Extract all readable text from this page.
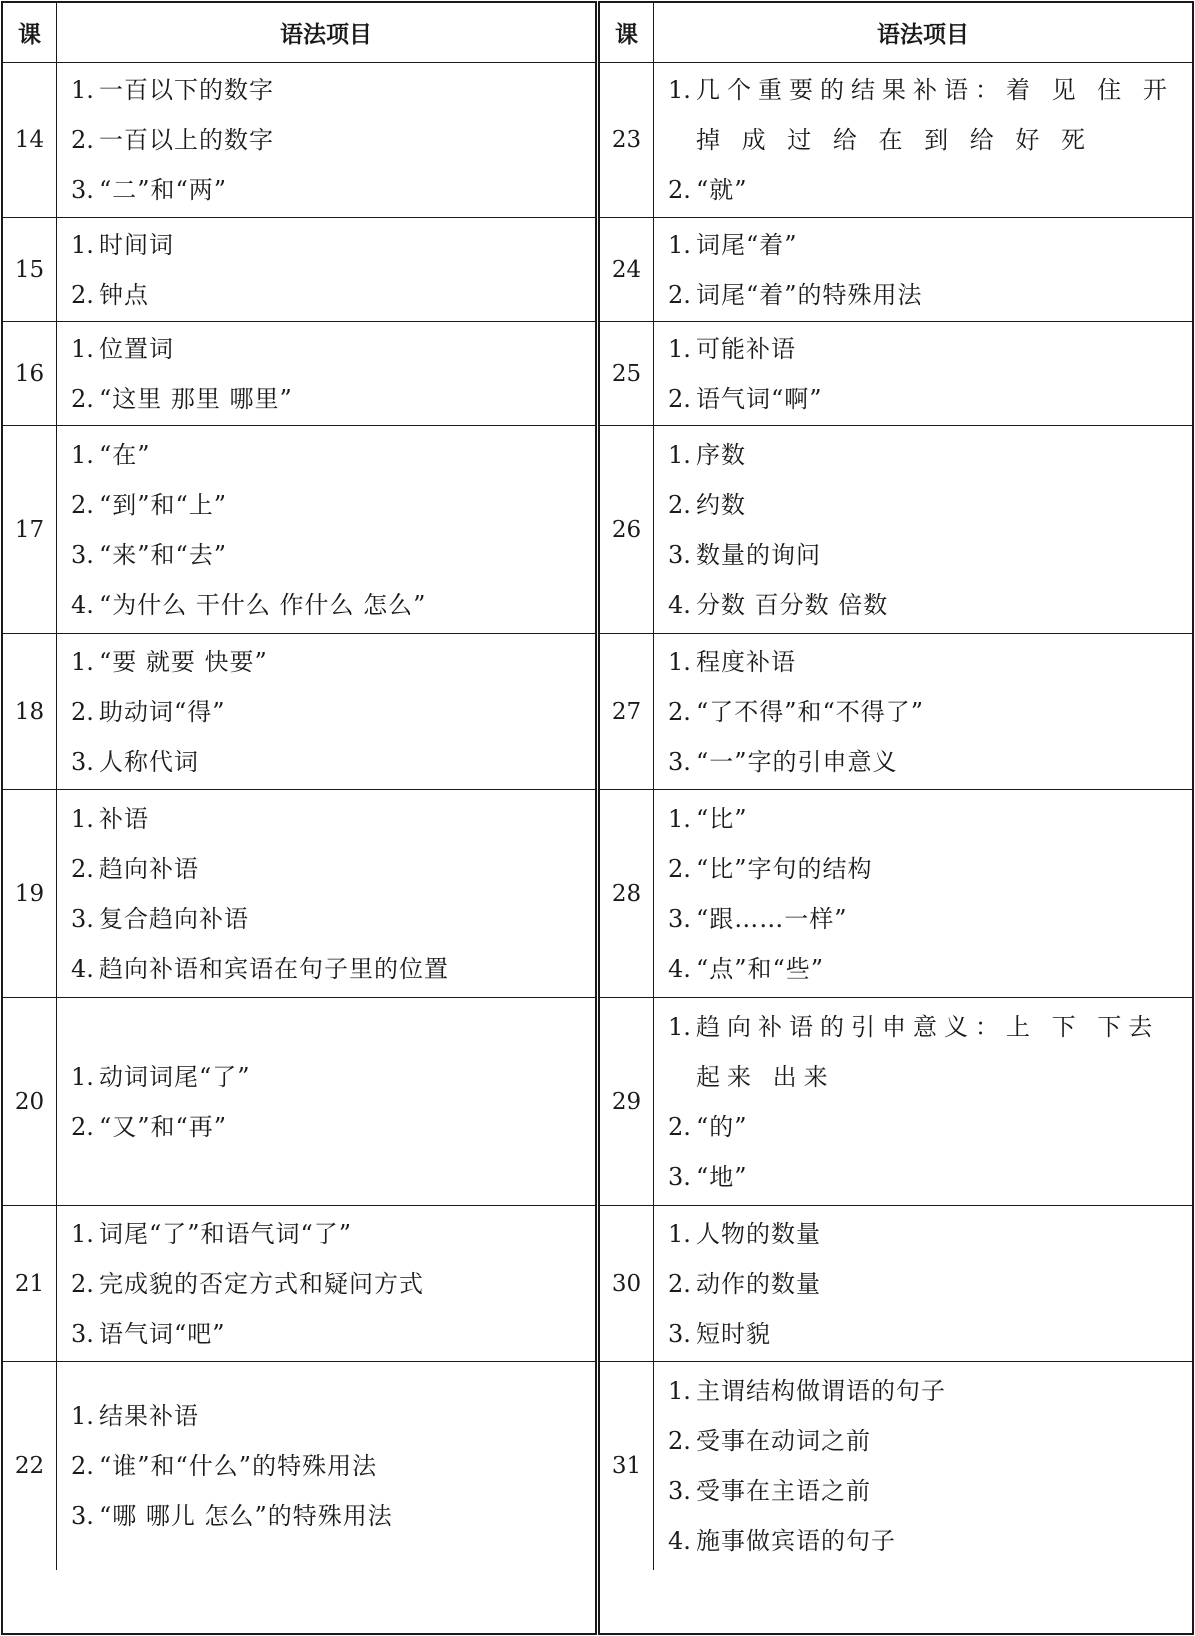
课	语法项目
14
1. 一百以下的数字
2. 一百以上的数字
3. “二”和“两”
15
1. 时间词
2. 钟点
16
1. 位置词
2. “这里 那里 哪里”
17
1. “在”
2. “到”和“上”
3. “来”和“去”
4. “为什么 干什么 作什么 怎么”
18
1. “要 就要 快要”
2. 助动词“得”
3. 人称代词
19
1. 补语
2. 趋向补语
3. 复合趋向补语
4. 趋向补语和宾语在句子里的位置
20
1. 动词词尾“了”
2. “又”和“再”
21
1. 词尾“了”和语气词“了”
2. 完成貌的否定方式和疑问方式
3. 语气词“吧”
22
1. 结果补语
2. “谁”和“什么”的特殊用法
3. “哪 哪儿 怎么”的特殊用法
课	语法项目
23
1. 几个重要的结果补语：着 见 住 开 掉 成 过 给 在 到 给 好 死
2. “就”
24
1. 词尾“着”
2. 词尾“着”的特殊用法
25
1. 可能补语
2. 语气词“啊”
26
1. 序数
2. 约数
3. 数量的询问
4. 分数 百分数 倍数
27
1. 程度补语
2. “了不得”和“不得了”
3. “一”字的引申意义
28
1. “比”
2. “比”字句的结构
3. “跟……一样”
4. “点”和“些”
29
1. 趋向补语的引申意义：上 下 下去 起来 出来
2. “的”
3. “地”
30
1. 人物的数量
2. 动作的数量
3. 短时貌
31
1. 主谓结构做谓语的句子
2. 受事在动词之前
3. 受事在主语之前
4. 施事做宾语的句子
